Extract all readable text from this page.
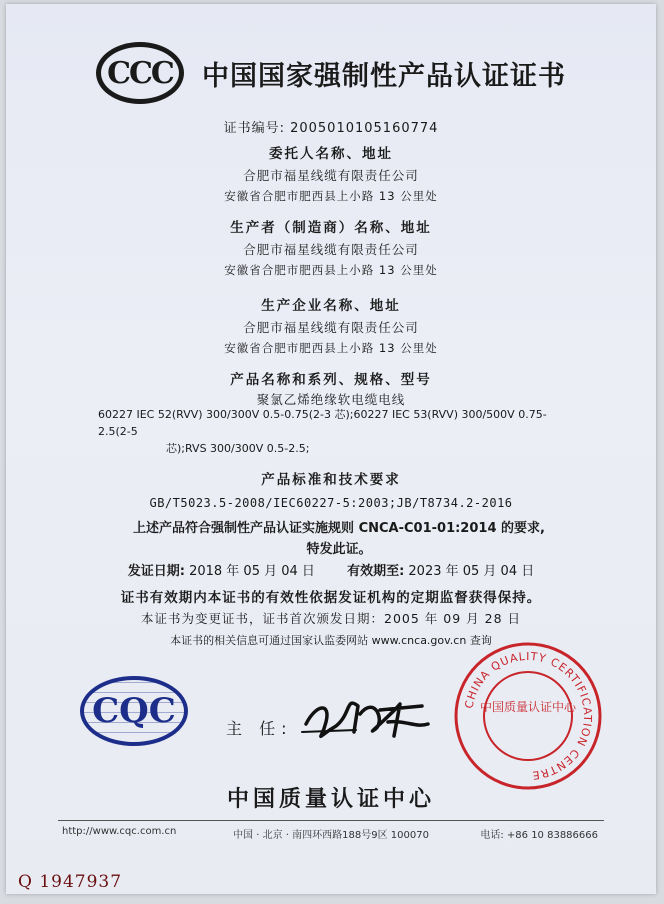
CCC	中国国家强制性产品认证证书
证书编号: 2005010105160774
委托人名称、地址
合肥市福星线缆有限责任公司
安徽省合肥市肥西县上小路 13 公里处
生产者（制造商）名称、地址
合肥市福星线缆有限责任公司
安徽省合肥市肥西县上小路 13 公里处
生产企业名称、地址
合肥市福星线缆有限责任公司
安徽省合肥市肥西县上小路 13 公里处
产品名称和系列、规格、型号
聚氯乙烯绝缘软电缆电线
60227 IEC 52(RVV) 300/300V 0.5-0.75(2-3 芯);60227 IEC 53(RVV) 300/500V 0.75-2.5(2-5
芯);RVS 300/300V 0.5-2.5;
产品标准和技术要求
GB/T5023.5-2008/IEC60227-5:2003;JB/T8734.2-2016
上述产品符合强制性产品认证实施规则 CNCA-C01-01:2014 的要求,
特发此证。
发证日期: 2018 年 05 月 04 日 有效期至: 2023 年 05 月 04 日
证书有效期内本证书的有效性依据发证机构的定期监督获得保持。
本证书为变更证书，证书首次颁发日期：2005 年 09 月 28 日
本证书的相关信息可通过国家认监委网站 www.cnca.gov.cn 查询
CQC	主 任:
CHINA QUALITY CERTIFICATION CENTRE
中国质量认证中心
中国质量认证中心
http://www.cqc.com.cn	中国 · 北京 · 南四环西路188号9区 100070	电话: +86 10 83886666
Q 1947937
